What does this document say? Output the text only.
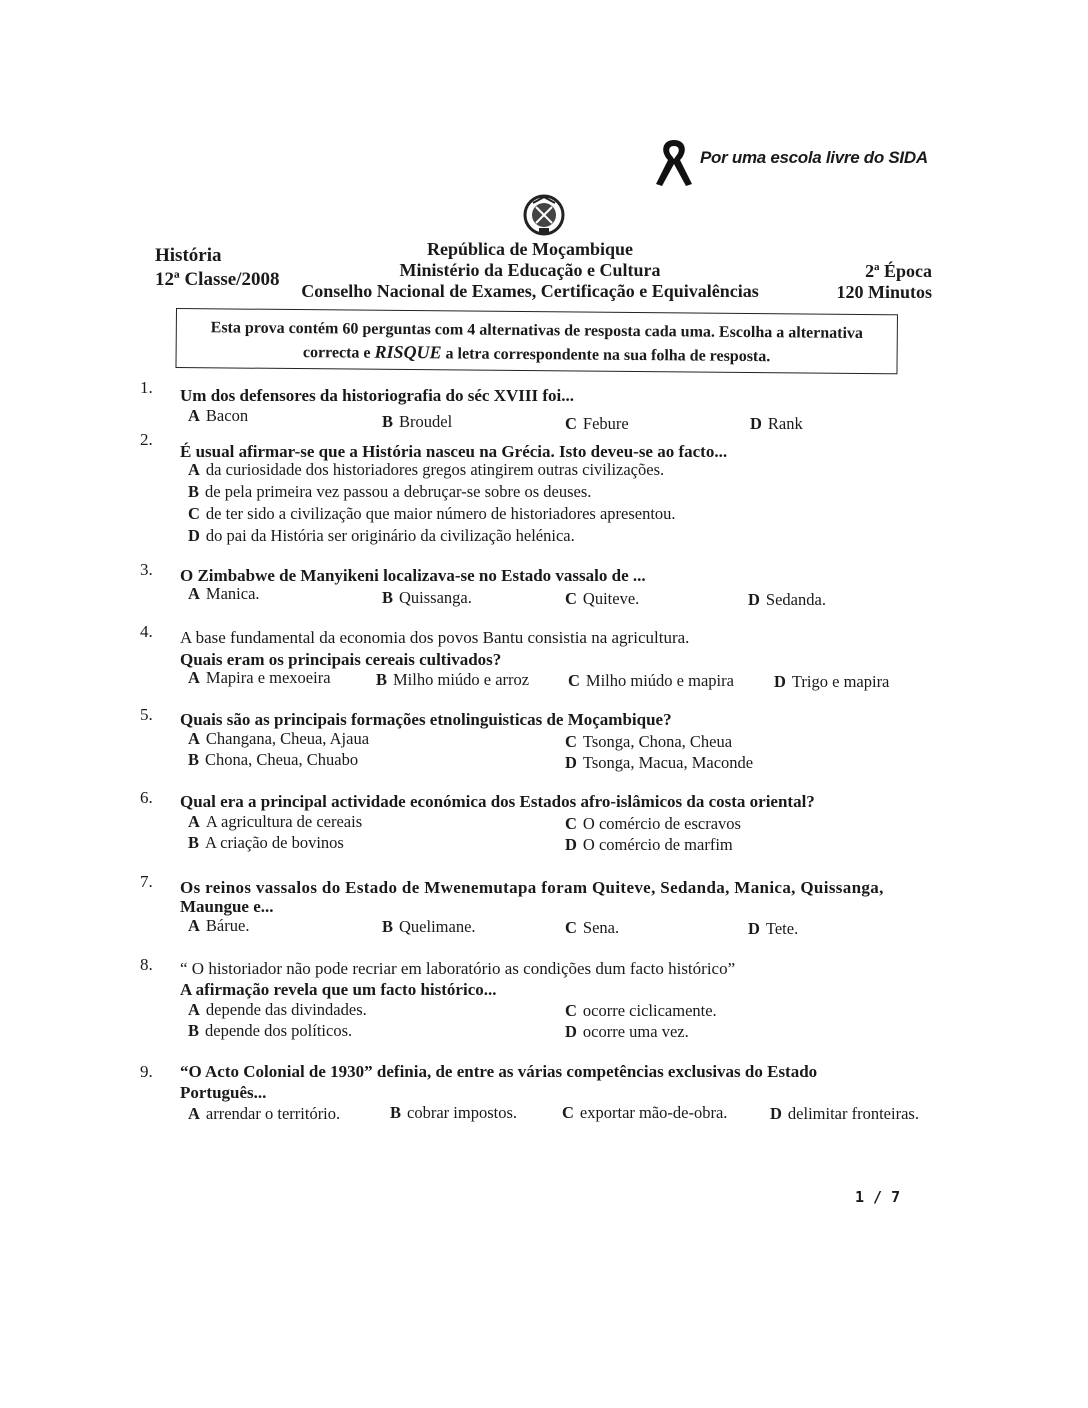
Por uma escola livre do SIDA
História
12ª Classe/2008
República de Moçambique
Ministério da Educação e Cultura
Conselho Nacional de Exames, Certificação e Equivalências
2ª Época
120 Minutos
Esta prova contém 60 perguntas com 4 alternativas de resposta cada uma. Escolha a alternativa
correcta e RISQUE a letra correspondente na sua folha de resposta.
1. Um dos defensores da historiografia do séc XVIII foi...
A Bacon	B Broudel	C Febure	D Rank
2.
É usual afirmar-se que a História nasceu na Grécia. Isto deveu-se ao facto...
A da curiosidade dos historiadores gregos atingirem outras civilizações.
B de pela primeira vez passou a debruçar-se sobre os deuses.
C de ter sido a civilização que maior número de historiadores apresentou.
D do pai da História ser originário da civilização helénica.
3. O Zimbabwe de Manyikeni localizava-se no Estado vassalo de ...
A Manica.	B Quissanga.	C Quiteve.	D Sedanda.
4. A base fundamental da economia dos povos Bantu consistia na agricultura.
Quais eram os principais cereais cultivados?
A Mapira e mexoeira	B Milho miúdo e arroz C Milho miúdo e mapira D Trigo e mapira
5. Quais são as principais formações etnolinguisticas de Moçambique?
A Changana, Cheua, Ajaua
B Chona, Cheua, Chuabo
C Tsonga, Chona, Cheua
D Tsonga, Macua, Maconde
6. Qual era a principal actividade económica dos Estados afro-islâmicos da costa oriental?
A A agricultura de cereais
B A criação de bovinos
C O comércio de escravos
D O comércio de marfim
7. Os reinos vassalos do Estado de Mwenemutapa foram Quiteve, Sedanda, Manica, Quissanga,
Maungue e...
A Bárue.	B Quelimane.	C Sena.	D Tete.
8. “ O historiador não pode recriar em laboratório as condições dum facto histórico”
A afirmação revela que um facto histórico...
A depende das divindades.
B depende dos políticos.
C ocorre ciclicamente.
D ocorre uma vez.
9. “O Acto Colonial de 1930” definia, de entre as várias competências exclusivas do Estado
Português...
A arrendar o território.	B cobrar impostos.	C exportar mão-de-obra.	D delimitar fronteiras.
1 / 7
